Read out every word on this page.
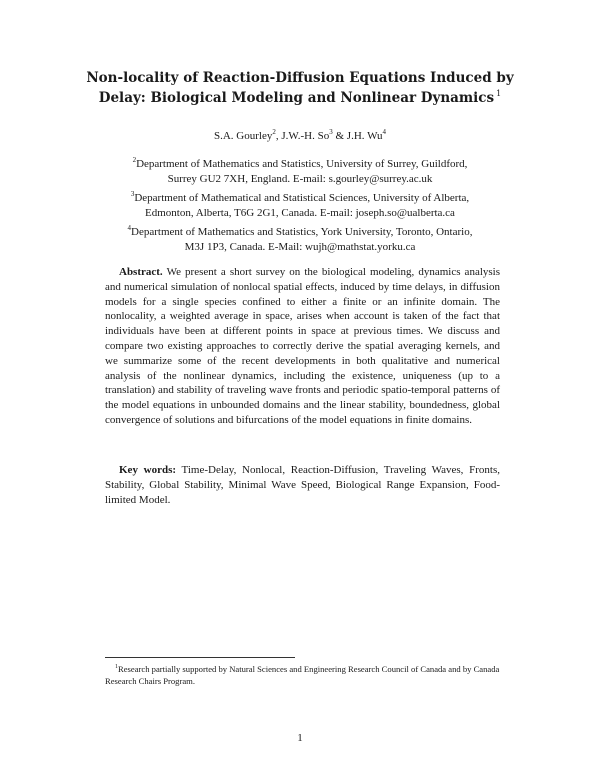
Non-locality of Reaction-Diffusion Equations Induced by
Delay: Biological Modeling and Nonlinear Dynamics $^1$
S.A. Gourley$^2$, J.W.-H. So$^3$ & J.H. Wu$^4$
$^2$Department of Mathematics and Statistics, University of Surrey, Guildford,
Surrey GU2 7XH, England. E-mail: s.gourley@surrey.ac.uk
$^3$Department of Mathematical and Statistical Sciences, University of Alberta,
Edmonton, Alberta, T6G 2G1, Canada. E-mail: joseph.so@ualberta.ca
$^4$Department of Mathematics and Statistics, York University, Toronto, Ontario,
M3J 1P3, Canada. E-Mail: wujh@mathstat.yorku.ca
Abstract. We present a short survey on the biological modeling, dynamics analysis and numerical simulation of nonlocal spatial effects, induced by time delays, in diffusion models for a single species confined to either a finite or an infinite domain. The nonlocality, a weighted average in space, arises when account is taken of the fact that individuals have been at different points in space at previous times. We discuss and compare two existing approaches to correctly derive the spatial averaging kernels, and we summarize some of the recent developments in both qualitative and numerical analysis of the nonlinear dynamics, including the existence, uniqueness (up to a translation) and stability of traveling wave fronts and periodic spatio-temporal patterns of the model equations in unbounded domains and the linear stability, boundedness, global convergence of solutions and bifurcations of the model equations in finite domains.
Key words: Time-Delay, Nonlocal, Reaction-Diffusion, Traveling Waves, Fronts, Stability, Global Stability, Minimal Wave Speed, Biological Range Expansion, Food-limited Model.
$^1$Research partially supported by Natural Sciences and Engineering Research Council of Canada and by Canada Research Chairs Program.
1
